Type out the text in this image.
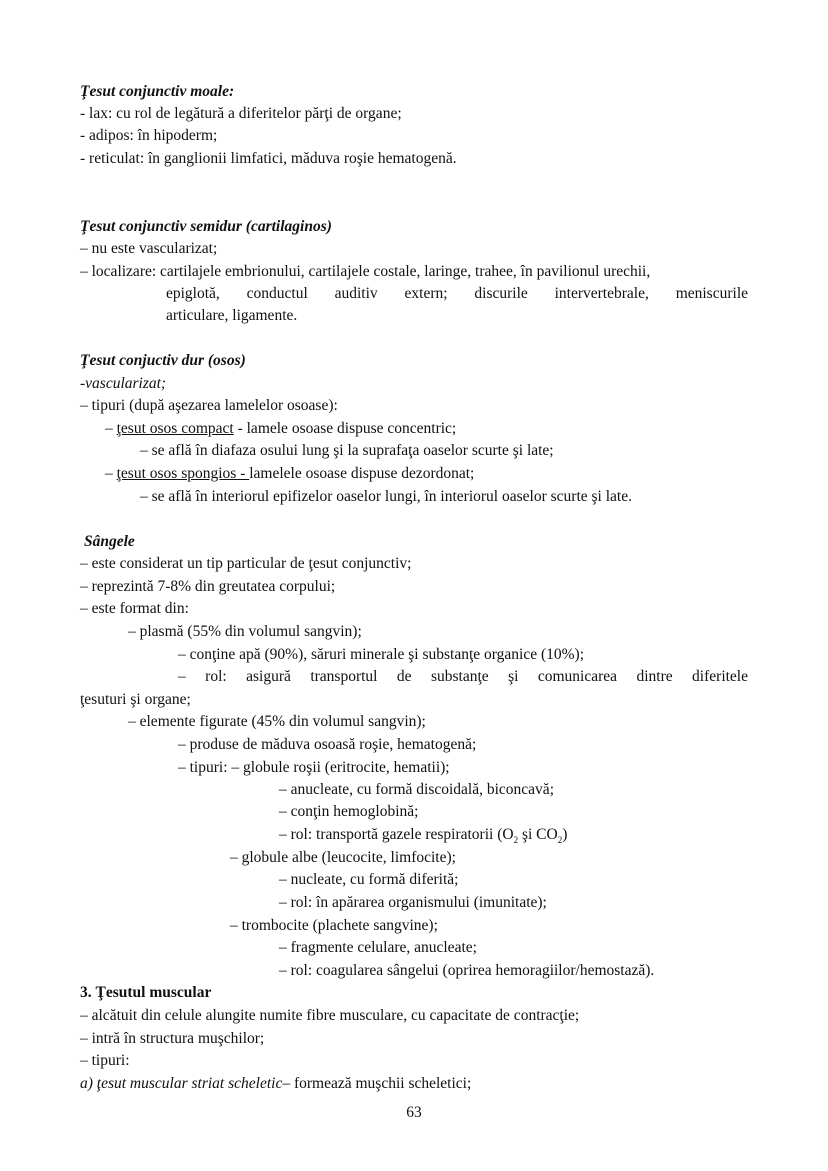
Ţesut conjunctiv moale:
- lax: cu rol de legătură a diferitelor părţi de organe;
- adipos: în hipoderm;
- reticulat: în ganglionii limfatici, măduva roşie hematogenă.
Ţesut conjunctiv semidur (cartilaginos)
– nu este vascularizat;
– localizare: cartilajele embrionului, cartilajele costale, laringe, trahee, în pavilionul urechii,
epiglotă, conductul auditiv extern; discurile intervertebrale, meniscurile
articulare, ligamente.
Ţesut conjuctiv dur (osos)
-vascularizat;
– tipuri (după aşezarea lamelelor osoase):
– ţesut osos compact - lamele osoase dispuse concentric;
– se află în diafaza osului lung şi la suprafaţa oaselor scurte şi late;
– ţesut osos spongios - lamelele osoase dispuse dezordonat;
– se află în interiorul epifizelor oaselor lungi, în interiorul oaselor scurte şi late.
Sângele
– este considerat un tip particular de ţesut conjunctiv;
– reprezintă 7-8% din greutatea corpului;
– este format din:
– plasmă (55% din volumul sangvin);
– conţine apă (90%), săruri minerale şi substanţe organice (10%);
– rol: asigură transportul de substanţe şi comunicarea dintre diferitele
ţesuturi şi organe;
– elemente figurate (45% din volumul sangvin);
– produse de măduva osoasă roşie, hematogenă;
– tipuri: – globule roşii (eritrocite, hematii);
– anucleate, cu formă discoidală, biconcavă;
– conţin hemoglobină;
– rol: transportă gazele respiratorii ($O_2$ şi $CO_2$)
– globule albe (leucocite, limfocite);
– nucleate, cu formă diferită;
– rol: în apărarea organismului (imunitate);
– trombocite (plachete sangvine);
– fragmente celulare, anucleate;
– rol: coagularea sângelui (oprirea hemoragiilor/hemostază).
3. Ţesutul muscular
– alcătuit din celule alungite numite fibre musculare, cu capacitate de contracţie;
– intră în structura muşchilor;
– tipuri:
a) ţesut muscular striat scheletic– formează muşchii scheletici;
63
